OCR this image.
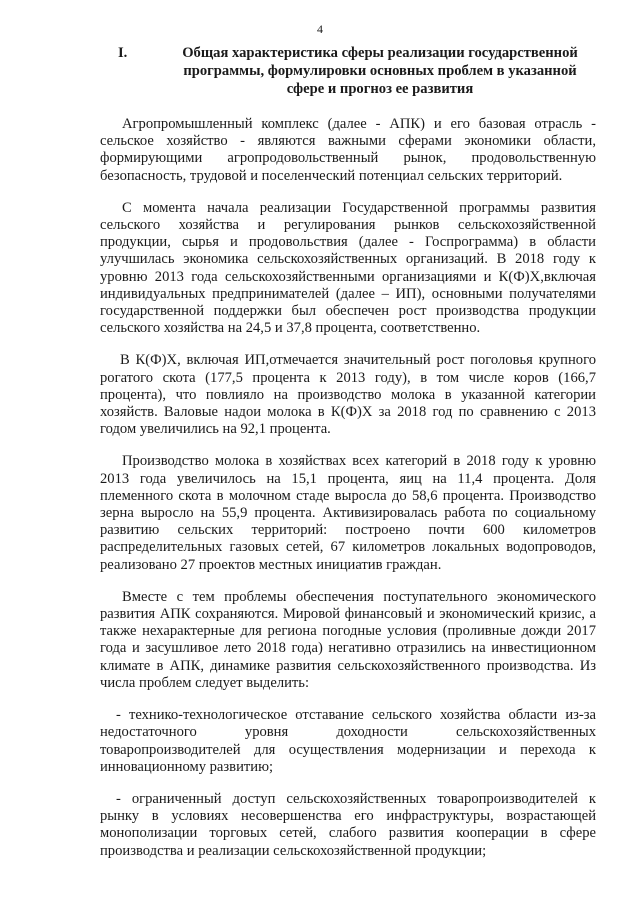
4
I.	Общая характеристика сферы реализации государственной программы, формулировки основных проблем в указанной сфере и прогноз ее развития

Агропромышленный комплекс (далее - АПК) и его базовая отрасль - сельское хозяйство - являются важными сферами экономики области, формирующими агропродовольственный рынок, продовольственную безопасность, трудовой и поселенческий потенциал сельских территорий.

С момента начала реализации Государственной программы развития сельского хозяйства и регулирования рынков сельскохозяйственной продукции, сырья и продовольствия (далее - Госпрограмма) в области улучшилась экономика сельскохозяйственных организаций. В 2018 году к уровню 2013 года сельскохозяйственными организациями и К(Ф)Х,включая индивидуальных предпринимателей (далее – ИП), основными получателями государственной поддержки был обеспечен рост производства продукции сельского хозяйства на 24,5 и 37,8 процента, соответственно.

В К(Ф)Х, включая ИП,отмечается значительный рост поголовья крупного рогатого скота (177,5 процента к 2013 году), в том числе коров (166,7 процента), что повлияло на производство молока в указанной категории хозяйств. Валовые надои молока в К(Ф)Х за 2018 год по сравнению с 2013 годом увеличились на 92,1 процента.

Производство молока в хозяйствах всех категорий в 2018 году к уровню 2013 года увеличилось на 15,1 процента, яиц на 11,4 процента. Доля племенного скота в молочном стаде выросла до 58,6 процента. Производство зерна выросло на 55,9 процента. Активизировалась работа по социальному развитию сельских территорий: построено почти 600 километров распределительных газовых сетей, 67 километров локальных водопроводов, реализовано 27 проектов местных инициатив граждан.

Вместе с тем проблемы обеспечения поступательного экономического развития АПК сохраняются. Мировой финансовый и экономический кризис, а также нехарактерные для региона погодные условия (проливные дожди 2017 года и засушливое лето 2018 года) негативно отразились на инвестиционном климате в АПК, динамике развития сельскохозяйственного производства. Из числа проблем следует выделить:

- технико-технологическое отставание сельского хозяйства области из-за недостаточного уровня доходности сельскохозяйственных товаропроизводителей для осуществления модернизации и перехода к инновационному развитию;

- ограниченный доступ сельскохозяйственных товаропроизводителей к рынку в условиях несовершенства его инфраструктуры, возрастающей монополизации торговых сетей, слабого развития кооперации в сфере производства и реализации сельскохозяйственной продукции;
